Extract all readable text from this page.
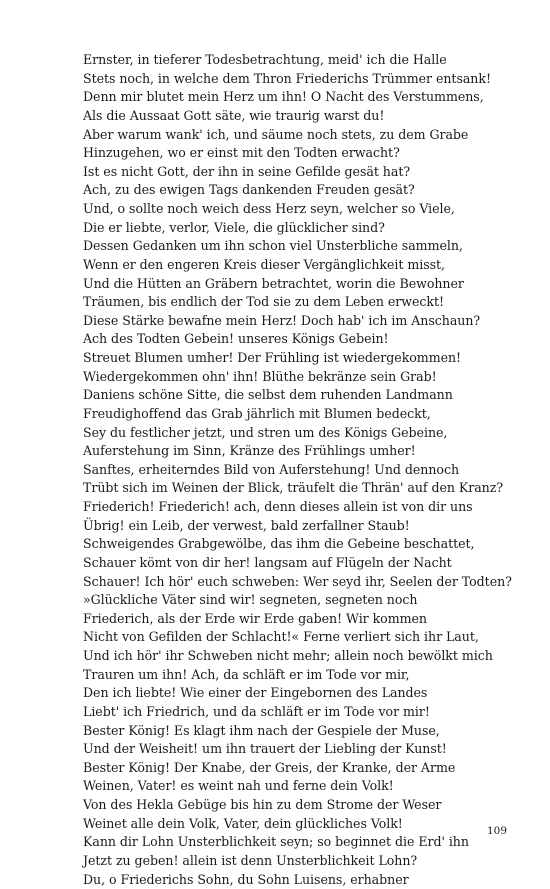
Ernster, in tieferer Todesbetrachtung, meid' ich die Halle
Stets noch, in welche dem Thron Friederichs Trümmer entsank!
Denn mir blutet mein Herz um ihn! O Nacht des Verstummens,
Als die Aussaat Gott säte, wie traurig warst du!
Aber warum wank' ich, und säume noch stets, zu dem Grabe
Hinzugehen, wo er einst mit den Todten erwacht?
Ist es nicht Gott, der ihn in seine Gefilde gesät hat?
Ach, zu des ewigen Tags dankenden Freuden gesät?
Und, o sollte noch weich dess Herz seyn, welcher so Viele,
Die er liebte, verlor, Viele, die glücklicher sind?
Dessen Gedanken um ihn schon viel Unsterbliche sammeln,
Wenn er den engeren Kreis dieser Vergänglichkeit misst,
Und die Hütten an Gräbern betrachtet, worin die Bewohner
Träumen, bis endlich der Tod sie zu dem Leben erweckt!
Diese Stärke bewafne mein Herz! Doch hab' ich im Anschaun?
Ach des Todten Gebein! unseres Königs Gebein!
Streuet Blumen umher! Der Frühling ist wiedergekommen!
Wiedergekommen ohn' ihn! Blüthe bekränze sein Grab!
Daniens schöne Sitte, die selbst dem ruhenden Landmann
Freudighoffend das Grab jährlich mit Blumen bedeckt,
Sey du festlicher jetzt, und stren um des Königs Gebeine,
Auferstehung im Sinn, Kränze des Frühlings umher!
Sanftes, erheiterndes Bild von Auferstehung! Und dennoch
Trübt sich im Weinen der Blick, träufelt die Thrän' auf den Kranz?
Friederich! Friederich! ach, denn dieses allein ist von dir uns
Übrig! ein Leib, der verwest, bald zerfallner Staub!
Schweigendes Grabgewölbe, das ihm die Gebeine beschattet,
Schauer kömt von dir her! langsam auf Flügeln der Nacht
Schauer! Ich hör' euch schweben: Wer seyd ihr, Seelen der Todten?
»Glückliche Väter sind wir! segneten, segneten noch
Friederich, als der Erde wir Erde gaben! Wir kommen
Nicht von Gefilden der Schlacht!« Ferne verliert sich ihr Laut,
Und ich hör' ihr Schweben nicht mehr; allein noch bewölkt mich
Trauren um ihn! Ach, da schläft er im Tode vor mir,
Den ich liebte! Wie einer der Eingebornen des Landes
Liebt' ich Friedrich, und da schläft er im Tode vor mir!
Bester König! Es klagt ihm nach der Gespiele der Muse,
Und der Weisheit! um ihn trauert der Liebling der Kunst!
Bester König! Der Knabe, der Greis, der Kranke, der Arme
Weinen, Vater! es weint nah und ferne dein Volk!
Von des Hekla Gebüge bis hin zu dem Strome der Weser
Weinet alle dein Volk, Vater, dein glückliches Volk!
Kann dir Lohn Unsterblichkeit seyn; so beginnet die Erd' ihn
Jetzt zu geben! allein ist denn Unsterblichkeit Lohn?
Du, o Friederichs Sohn, du Sohn Luisens, erhabner
109
